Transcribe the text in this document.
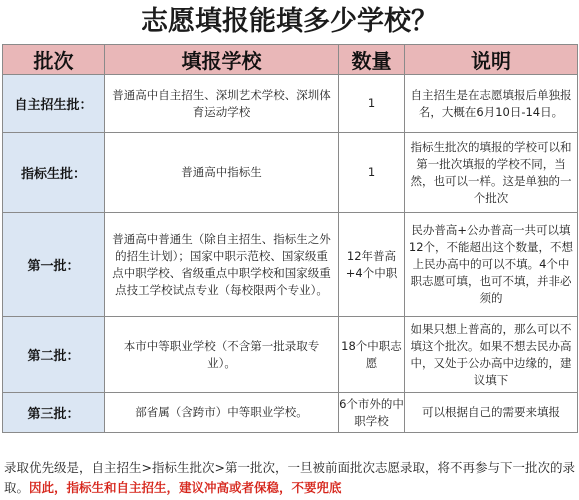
志愿填报能填多少学校？
批次	填报学校	数量	说明
自主招生批：	普通高中自主招生、深圳艺术学校、深圳体育运动学校	1	自主招生是在志愿填报后单独报名，大概在6月10日-14日。
指标生批：	普通高中指标生	1	指标生批次的填报的学校可以和第一批次填报的学校不同，当然，也可以一样。这是单独的一个批次
第一批：	普通高中普通生（除自主招生、指标生之外的招生计划）；国家中职示范校、国家级重点中职学校、省级重点中职学校和国家级重点技工学校试点专业（每校限两个专业）。	12年普高+4个中职	民办普高+公办普高一共可以填12个，不能超出这个数量，不想上民办高中的可以不填。4个中职志愿可填，也可不填，并非必须的
第二批：	本市中等职业学校（不含第一批录取专业）。	18个中职志愿	如果只想上普高的，那么可以不填这个批次。如果不想去民办高中，又处于公办高中边缘的，建议填下
第三批：	部省属（含跨市）中等职业学校。	6个市外的中职学校	可以根据自己的需要来填报
录取优先级是，自主招生>指标生批次>第一批次，一旦被前面批次志愿录取，将不再参与下一批次的录取。因此，指标生和自主招生，建议冲高或者保稳，不要兜底
